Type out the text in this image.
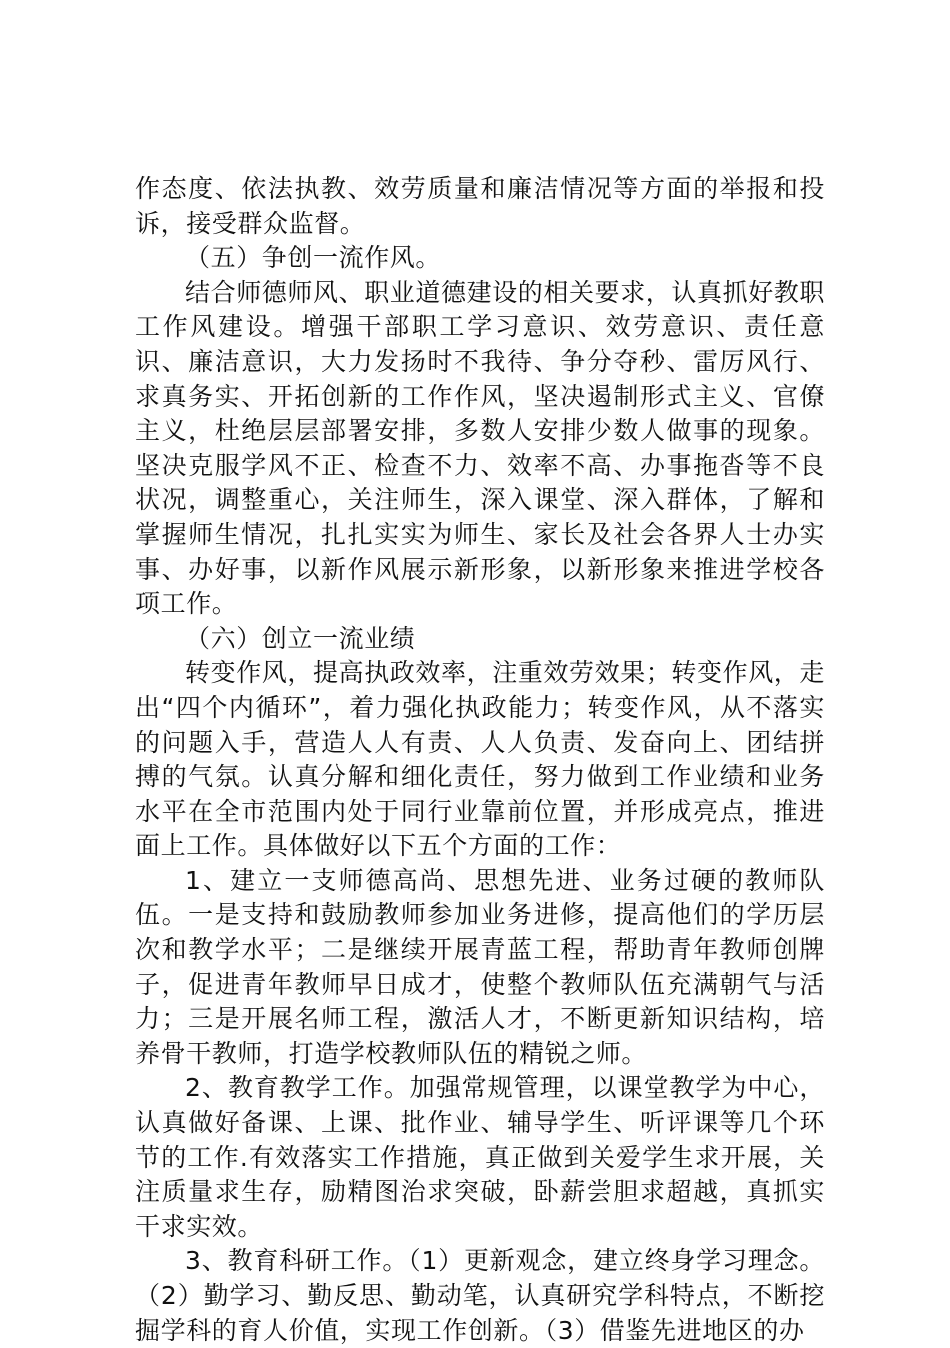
作态度、依法执教、效劳质量和廉洁情况等方面的举报和投诉，接受群众监督。

（五）争创一流作风。

结合师德师风、职业道德建设的相关要求，认真抓好教职工作风建设。增强干部职工学习意识、效劳意识、责任意识、廉洁意识，大力发扬时不我待、争分夺秒、雷厉风行、求真务实、开拓创新的工作作风，坚决遏制形式主义、官僚主义，杜绝层层部署安排，多数人安排少数人做事的现象。坚决克服学风不正、检查不力、效率不高、办事拖沓等不良状况，调整重心，关注师生，深入课堂、深入群体，了解和掌握师生情况，扎扎实实为师生、家长及社会各界人士办实事、办好事，以新作风展示新形象，以新形象来推进学校各项工作。

（六）创立一流业绩

转变作风，提高执政效率，注重效劳效果；转变作风，走出“四个内循环”，着力强化执政能力；转变作风，从不落实的问题入手，营造人人有责、人人负责、发奋向上、团结拼搏的气氛。认真分解和细化责任，努力做到工作业绩和业务水平在全市范围内处于同行业靠前位置，并形成亮点，推进面上工作。具体做好以下五个方面的工作：

1、建立一支师德高尚、思想先进、业务过硬的教师队伍。一是支持和鼓励教师参加业务进修，提高他们的学历层次和教学水平；二是继续开展青蓝工程，帮助青年教师创牌子，促进青年教师早日成才，使整个教师队伍充满朝气与活力；三是开展名师工程，激活人才，不断更新知识结构，培养骨干教师，打造学校教师队伍的精锐之师。

2、教育教学工作。加强常规管理，以课堂教学为中心，认真做好备课、上课、批作业、辅导学生、听评课等几个环节的工作.有效落实工作措施，真正做到关爱学生求开展，关注质量求生存，励精图治求突破，卧薪尝胆求超越，真抓实干求实效。

3、教育科研工作。（1）更新观念，建立终身学习理念。（2）勤学习、勤反思、勤动笔，认真研究学科特点，不断挖掘学科的育人价值，实现工作创新。（3）借鉴先进地区的办
